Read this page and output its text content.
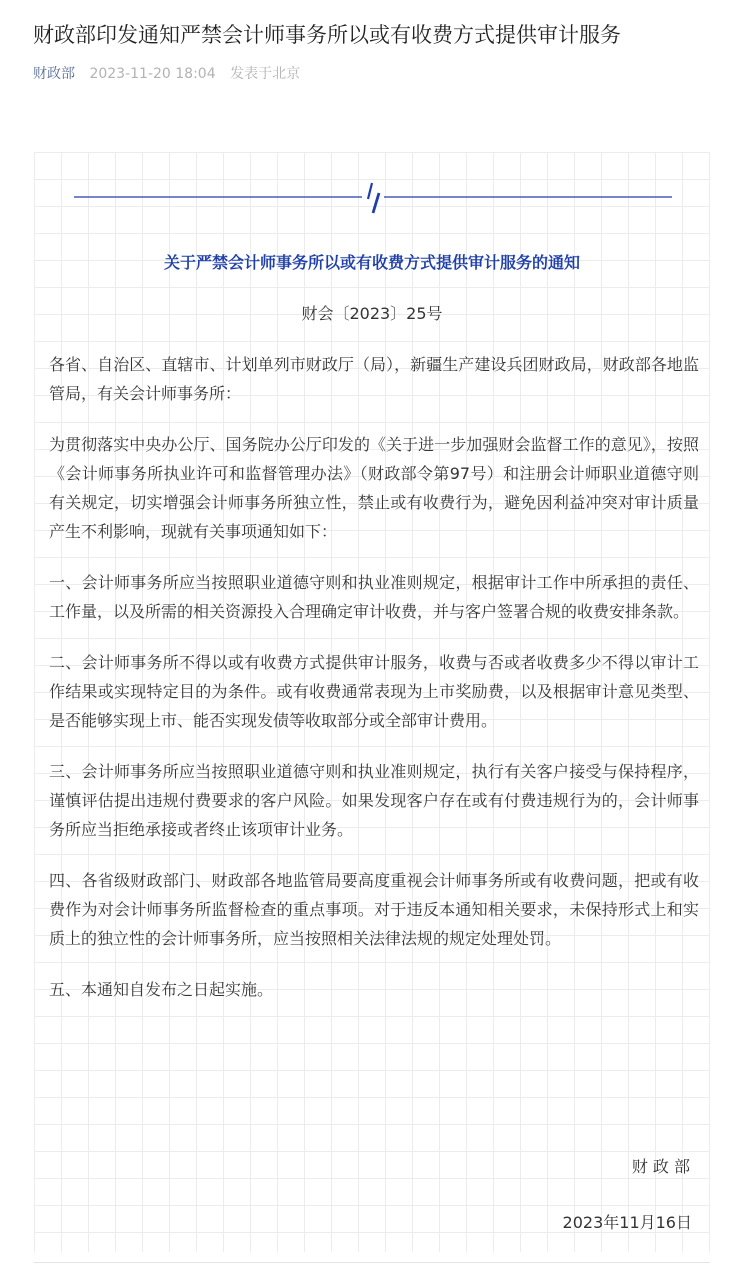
财政部印发通知严禁会计师事务所以或有收费方式提供审计服务
财政部 2023-11-20 18:04 发表于北京
关于严禁会计师事务所以或有收费方式提供审计服务的通知
财会〔2023〕25号

各省、自治区、直辖市、计划单列市财政厅（局），新疆生产建设兵团财政局，财政部各地监管局，有关会计师事务所：

为贯彻落实中央办公厅、国务院办公厅印发的《关于进一步加强财会监督工作的意见》，按照《会计师事务所执业许可和监督管理办法》（财政部令第97号）和注册会计师职业道德守则有关规定，切实增强会计师事务所独立性，禁止或有收费行为，避免因利益冲突对审计质量产生不利影响，现就有关事项通知如下：

一、会计师事务所应当按照职业道德守则和执业准则规定，根据审计工作中所承担的责任、工作量，以及所需的相关资源投入合理确定审计收费，并与客户签署合规的收费安排条款。

二、会计师事务所不得以或有收费方式提供审计服务，收费与否或者收费多少不得以审计工作结果或实现特定目的为条件。或有收费通常表现为上市奖励费，以及根据审计意见类型、是否能够实现上市、能否实现发债等收取部分或全部审计费用。

三、会计师事务所应当按照职业道德守则和执业准则规定，执行有关客户接受与保持程序，谨慎评估提出违规付费要求的客户风险。如果发现客户存在或有付费违规行为的，会计师事务所应当拒绝承接或者终止该项审计业务。

四、各省级财政部门、财政部各地监管局要高度重视会计师事务所或有收费问题，把或有收费作为对会计师事务所监督检查的重点事项。对于违反本通知相关要求，未保持形式上和实质上的独立性的会计师事务所，应当按照相关法律法规的规定处理处罚。

五、本通知自发布之日起实施。

财 政 部
2023年11月16日
